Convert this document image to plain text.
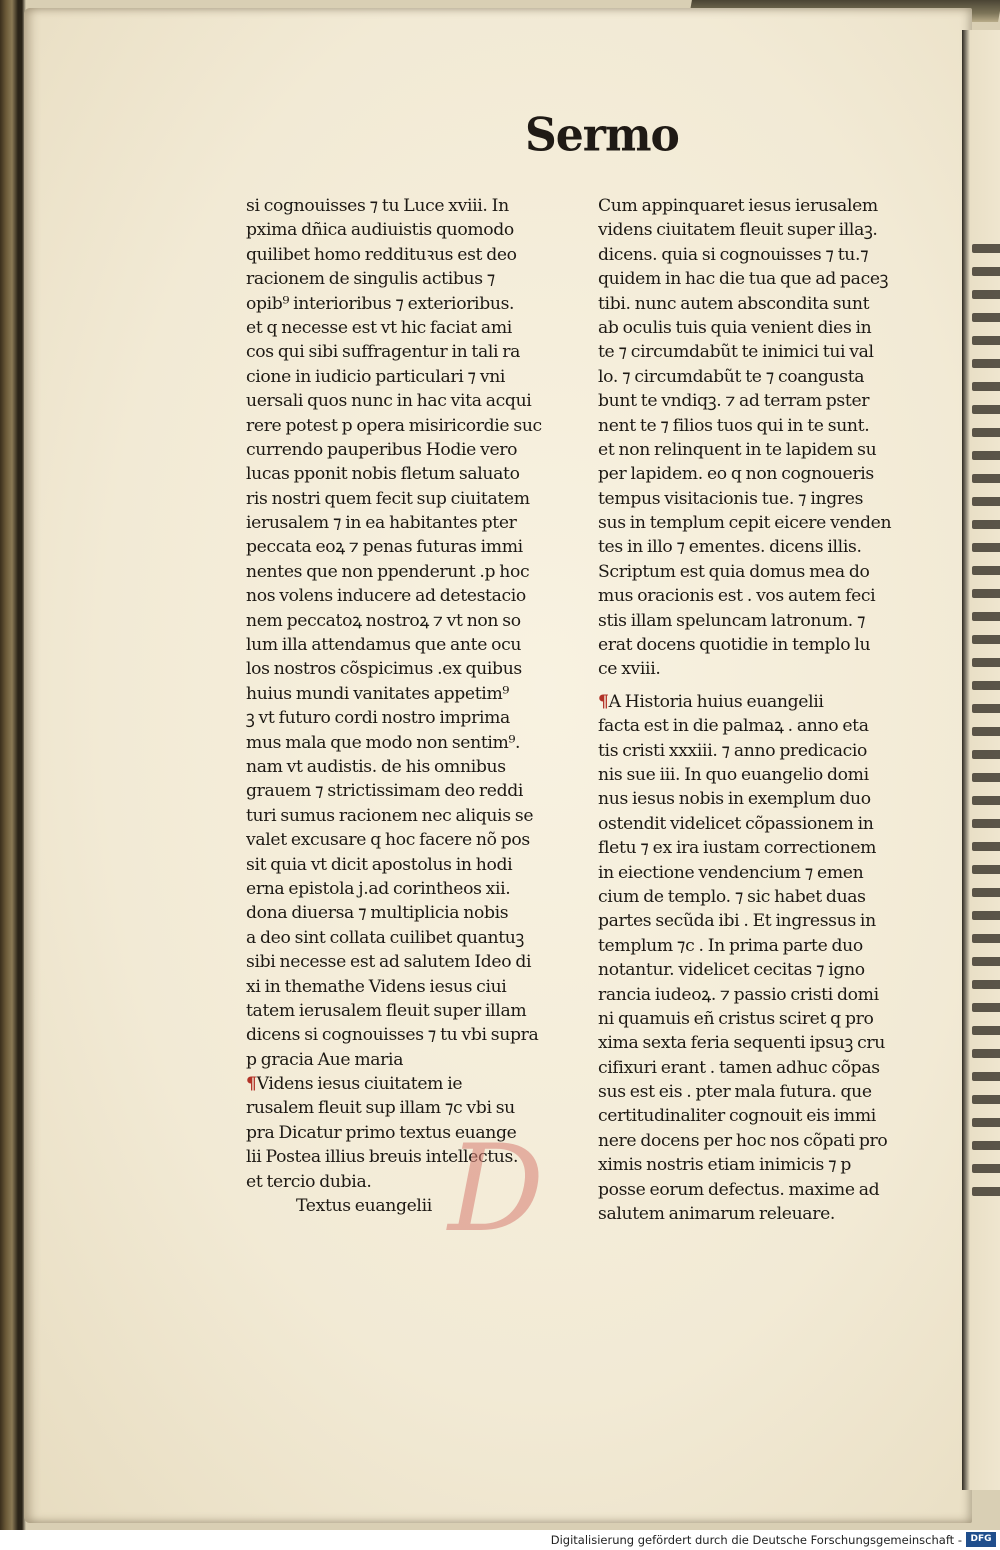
Sermo
si cognouisses ⁊ tu Luce xviii. In
pxima dñica audiuistis quomodo
quilibet homo reddituꝛus est deo
racionem de singulis actibus ⁊
opib⁹ interioribus ⁊ exterioribus.
et q necesse est vt hic faciat ami
cos qui sibi suffragentur in tali ra
cione in iudicio particulari ⁊ vni
uersali quos nunc in hac vita acqui
rere potest p opera misiricordie suc
currendo pauperibus Hodie vero
lucas pponit nobis fletum saluato
ris nostri quem fecit sup ciuitatem
ierusalem ⁊ in ea habitantes pter
peccata eoꝝ ⁊ penas futuras immi
nentes que non ppenderunt .p hoc
nos volens inducere ad detestacio
nem peccatoꝝ nostroꝝ ⁊ vt non so
lum illa attendamus que ante ocu
los nostros cõspicimus .ex quibus
huius mundi vanitates appetim⁹
ꝫ vt futuro cordi nostro imprima
mus mala que modo non sentim⁹.
nam vt audistis. de his omnibus
grauem ⁊ strictissimam deo reddi
turi sumus racionem nec aliquis se
valet excusare q hoc facere nõ pos
sit quia vt dicit apostolus in hodi
erna epistola j.ad corintheos xii.
dona diuersa ⁊ multiplicia nobis
a deo sint collata cuilibet quantuꝫ
sibi necesse est ad salutem Ideo di
xi in themathe Videns iesus ciui
tatem ierusalem fleuit super illam
dicens si cognouisses ⁊ tu vbi supra
p gracia Aue maria
¶Videns iesus ciuitatem ie
rusalem fleuit sup illam ⁊c vbi su
pra Dicatur primo textus euange
lii Postea illius breuis intellectus.
et tercio dubia.
Textus euangelii D
Cum appinquaret iesus ierusalem
videns ciuitatem fleuit super illaꝫ.
dicens. quia si cognouisses ⁊ tu.⁊
quidem in hac die tua que ad paceꝫ
tibi. nunc autem abscondita sunt
ab oculis tuis quia venient dies in
te ⁊ circumdabũt te inimici tui val
lo. ⁊ circumdabũt te ⁊ coangusta
bunt te vndiqꝫ. ⁊ ad terram pster
nent te ⁊ filios tuos qui in te sunt.
et non relinquent in te lapidem su
per lapidem. eo q non cognoueris
tempus visitacionis tue. ⁊ ingres
sus in templum cepit eicere venden
tes in illo ⁊ ementes. dicens illis.
Scriptum est quia domus mea do
mus oracionis est . vos autem feci
stis illam speluncam latronum. ⁊
erat docens quotidie in templo lu
ce xviii.
¶A Historia huius euangelii
facta est in die palmaꝝ . anno eta
tis cristi xxxiii. ⁊ anno predicacio
nis sue iii. In quo euangelio domi
nus iesus nobis in exemplum duo
ostendit videlicet cõpassionem in
fletu ⁊ ex ira iustam correctionem
in eiectione vendencium ⁊ emen
cium de templo. ⁊ sic habet duas
partes secũda ibi . Et ingressus in
templum ⁊c . In prima parte duo
notantur. videlicet cecitas ⁊ igno
rancia iudeoꝝ. ⁊ passio cristi domi
ni quamuis eñ cristus sciret q pro
xima sexta feria sequenti ipsuꝫ cru
cifixuri erant . tamen adhuc cõpas
sus est eis . pter mala futura. que
certitudinaliter cognouit eis immi
nere docens per hoc nos cõpati pro
ximis nostris etiam inimicis ⁊ p
posse eorum defectus. maxime ad
salutem animarum releuare.
Digitalisierung gefördert durch die Deutsche Forschungsgemeinschaft - DFG
